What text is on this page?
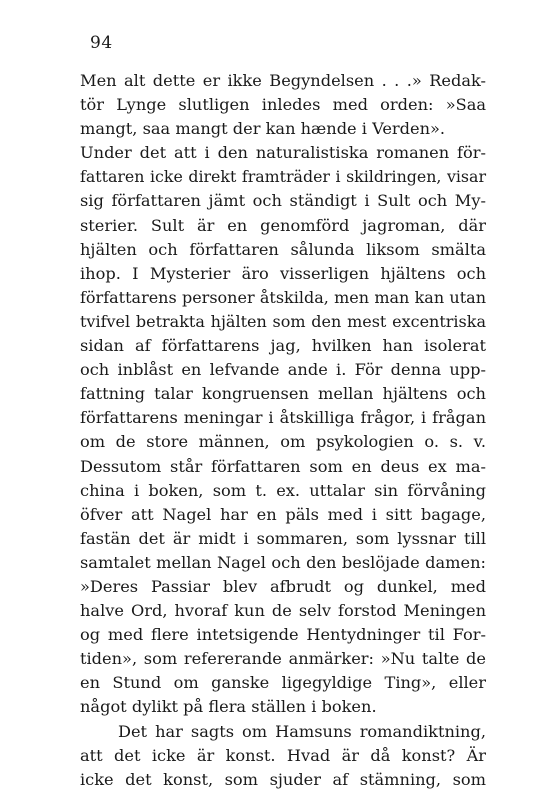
94
Men alt dette er ikke Begyndelsen . . .» Redak-
tör Lynge slutligen inledes med orden: »Saa
mangt, saa mangt der kan hænde i Verden».
Under det att i den naturalistiska romanen för-
fattaren icke direkt framträder i skildringen, visar
sig författaren jämt och ständigt i Sult och My-
sterier. Sult är en genomförd jagroman, där
hjälten och författaren sålunda liksom smälta
ihop. I Mysterier äro visserligen hjältens och
författarens personer åtskilda, men man kan utan
tvifvel betrakta hjälten som den mest excentriska
sidan af författarens jag, hvilken han isolerat
och inblåst en lefvande ande i. För denna upp-
fattning talar kongruensen mellan hjältens och
författarens meningar i åtskilliga frågor, i frågan
om de store männen, om psykologien o. s. v.
Dessutom står författaren som en deus ex ma-
china i boken, som t. ex. uttalar sin förvåning
öfver att Nagel har en päls med i sitt bagage,
fastän det är midt i sommaren, som lyssnar till
samtalet mellan Nagel och den beslöjade damen:
»Deres Passiar blev afbrudt og dunkel, med
halve Ord, hvoraf kun de selv forstod Meningen
og med flere intetsigende Hentydninger til For-
tiden», som refererande anmärker: »Nu talte de
en Stund om ganske ligegyldige Ting», eller
något dylikt på flera ställen i boken.
Det har sagts om Hamsuns romandiktning,
att det icke är konst. Hvad är då konst? Är
icke det konst, som sjuder af stämning, som
